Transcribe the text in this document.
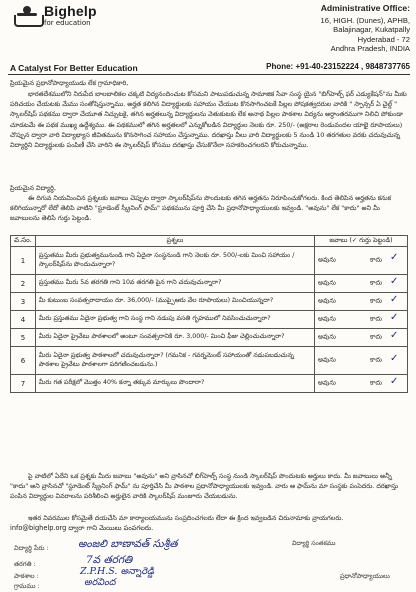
Bighelp
for education
Administrative Office:
16, HIGH. (Dunes), APHB,
Balajinagar, Kukatpally
Hyderabad - 72
Andhra Pradesh, INDIA
A Catalyst For Better Education	Phone: +91-40-23152224 , 9848737765
ప్రియమైన ప్రధానోపాధ్యాయుడు లేక గ్రామాధికారి,
భారతదేశములోని నిరుపేద బాలబాలికల చక్కటి విద్యనందించుట కోసమని పాటుపడుచున్న సామాజిక సేవా సంస్థ యైన "బిగ్‌హెల్ప్ ఫర్ ఎడ్యుకేషన్"ను మీకు పరిచయం చేయటకు మేము సంతోషిస్తున్నాము. అర్హత కలిగిన విద్యార్థులకు సహాయం చేయుట కొనసాగించటకే పిల్లల పోషకత్వదరుల వారికి " స్పాన్సర్ ఏ చైల్డ్ " స్కాలర్‌షిప్ పథకము ద్వారా చేయూత నిచ్చుటకై, తగిన అర్హతలున్న విద్యార్థులను వెతుకుటకు లేక అనాథ పిల్లల పాఠశాల విద్యను అర్ధాంతరముగా నిలిచి పోకుండా చూడటమే ఈ పథక ముఖ్య ఉద్దేశ్యము. ఈ పథకములో తగిన అర్హతలలో ఎన్నుకోబడిన విద్యార్థుల నెలకు రూ. 250/- (అక్షరాల రెండువందల యాభై రూపాయలు) చొప్పున ద్వారా వారి విద్యాభ్యాస జీవితమును కొనసాగించ సహాయం చేస్తున్నాము. దరఖాస్తు వీలు వారి విద్యార్థులకు 5 నుండి 10 తరగతుల వరకు చదువుచున్న విద్యార్థిని విద్యార్థులకు పంపిణీ చేసి వారిని ఈ స్కాలర్‌షిప్ కోసము దరఖాస్తు చేసుకొనేలా సహకరించగలరని కోరుచున్నాము.
ప్రియమైన విద్యార్థి,
ఈ దిగువ నియమించిన ప్రశ్నలకు జవాబు చెప్పుట ద్వారా స్కాలర్‌షిప్‌ను పొందుటకు తగిన అర్హతను నిరూపించుకోగలరు. కింద తెలిపిన అర్హతను కనుక కలిగియున్నారో లేదో తెలిపి వాటిని "స్టూడెంట్ స్క్రీనింగ్ ఫామ్" పథకమును పూర్తి చేసి మీ ప్రధానోపాధ్యాయులకు ఇవ్వండి. "అవును" లేక "కాదు" అని మీ జవాబులను తెలిపే గుర్తు పెట్టండి.
వ.సం.	ప్రశ్నలు	జవాబు (✓ గుర్తు పెట్టండి)
1	ప్రస్తుతము మీరు ప్రభుత్వమునుండి గాని ఏదైనా సంస్థనుండి గాని నెలకు రూ. 500/-లకు మించి సహాయం / స్కాలర్‌షిప్‌ను పొందుచున్నారా?	అవును కాదు ✓

2	ప్రస్తుతము మీరు 5వ తరగతి గాని 10వ తరగతి పైన గాని చదువుచున్నారా?	అవును కాదు ✓

3	మీ కుటుంబ సంవత్సరాదాయం రూ. 36,000/- (ముప్పైఆరు వేల రూపాయలు) మించియున్నదా?	అవును కాదు ✓

4	మీరు ప్రస్తుతము ఏదైనా ప్రభుత్వ గాని సంస్థ గాని నడుపు వసతి గృహములో నివసించుచున్నారా?	అవును కాదు ✓

5	మీరు ఏదైనా ప్రైవేటు పాఠశాలలో అంటూ సంవత్సరానికి రూ. 3,000/- మించి ఫీజు చెల్లించుచున్నారా?	అవును కాదు ✓

6	మీరు ఏదైనా ప్రభుత్వ పాఠశాలలో చదువుచున్నారా? (గమనిక - గవర్నమెంట్ సహాయంతో నడుపబడుచున్న పాఠశాల ప్రైవేటు పాఠశాలగా పరిగణించబడును.)	అవును కాదు ✓

7	మీరు గత పరీక్షలో మొత్తం 40% కన్నా తక్కువ మార్కులు పొందారా?	అవును కాదు ✓
పై వాటిలో ఏదేని ఒక ప్రశ్నకు మీరు జవాబు "అవును" అని వ్రాసినచో బిగ్‌హెల్ప్ సంస్థ నుండి స్కాలర్‌షిప్ పొందుటకు అర్హులు కాదు. మీ జవాబులు అన్నీ "కాదు" అని వ్రాసినచో "స్టూడెంట్ స్క్రీనింగ్ ఫామ్" ను పూర్తిచేసి మీ పాఠశాల ప్రధానోపాధ్యాయులకు ఇవ్వండి. వారు ఆ ఫామ్‌ను మా సంస్థకు పంపెదరు. దరఖాస్తు పంపిన విద్యార్థుల వివరాలను పరిశీలించి అర్హులైన వారికి స్కాలర్‌షిప్ మంజూరు చేయబడును.
ఇతర వివరముల కోసమైతే దయచేసి మా కార్యాలయమును సంప్రదించగలరు లేదా ఈ క్రింద ఇవ్వబడిన చిరునామాకు వ్రాయగలరు.
info@bighelp.org ద్వారా గాని మెయిలు పంపగలరు.
విద్యార్థి పేరు :	అంజలి బాణావత్ సుశ్రీత	విద్యార్థి సంతకము
తరగతి :	7వ తరగతి
పాఠశాల :	Z.P.H.S. అన్నారెడ్డి	ప్రధానోపాధ్యాయులు
గ్రామము :	అరవింద
